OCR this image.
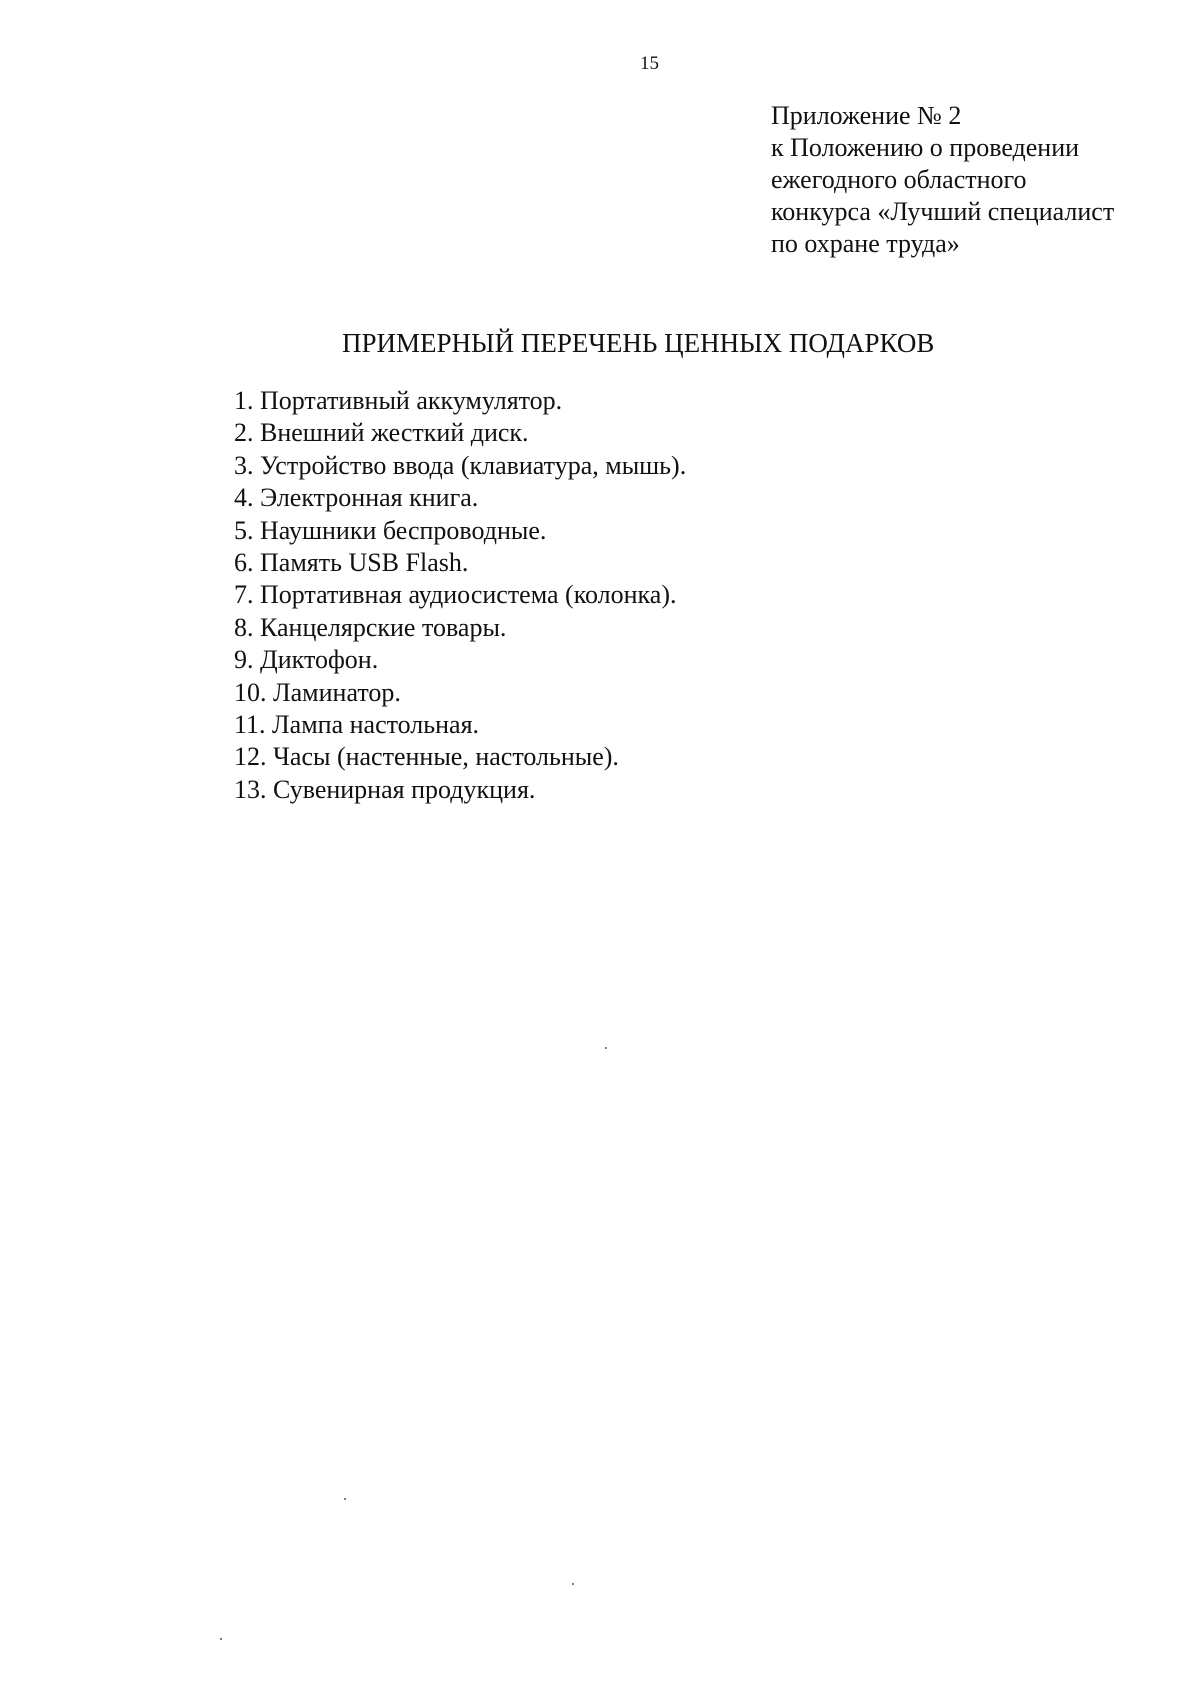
15
Приложение № 2
к Положению о проведении
ежегодного областного
конкурса «Лучший специалист
по охране труда»
ПРИМЕРНЫЙ ПЕРЕЧЕНЬ ЦЕННЫХ ПОДАРКОВ
1. Портативный аккумулятор.
2. Внешний жесткий диск.
3. Устройство ввода (клавиатура, мышь).
4. Электронная книга.
5. Наушники беспроводные.
6. Память USB Flash.
7. Портативная аудиосистема (колонка).
8. Канцелярские товары.
9. Диктофон.
10. Ламинатор.
11. Лампа настольная.
12. Часы (настенные, настольные).
13. Сувенирная продукция.
